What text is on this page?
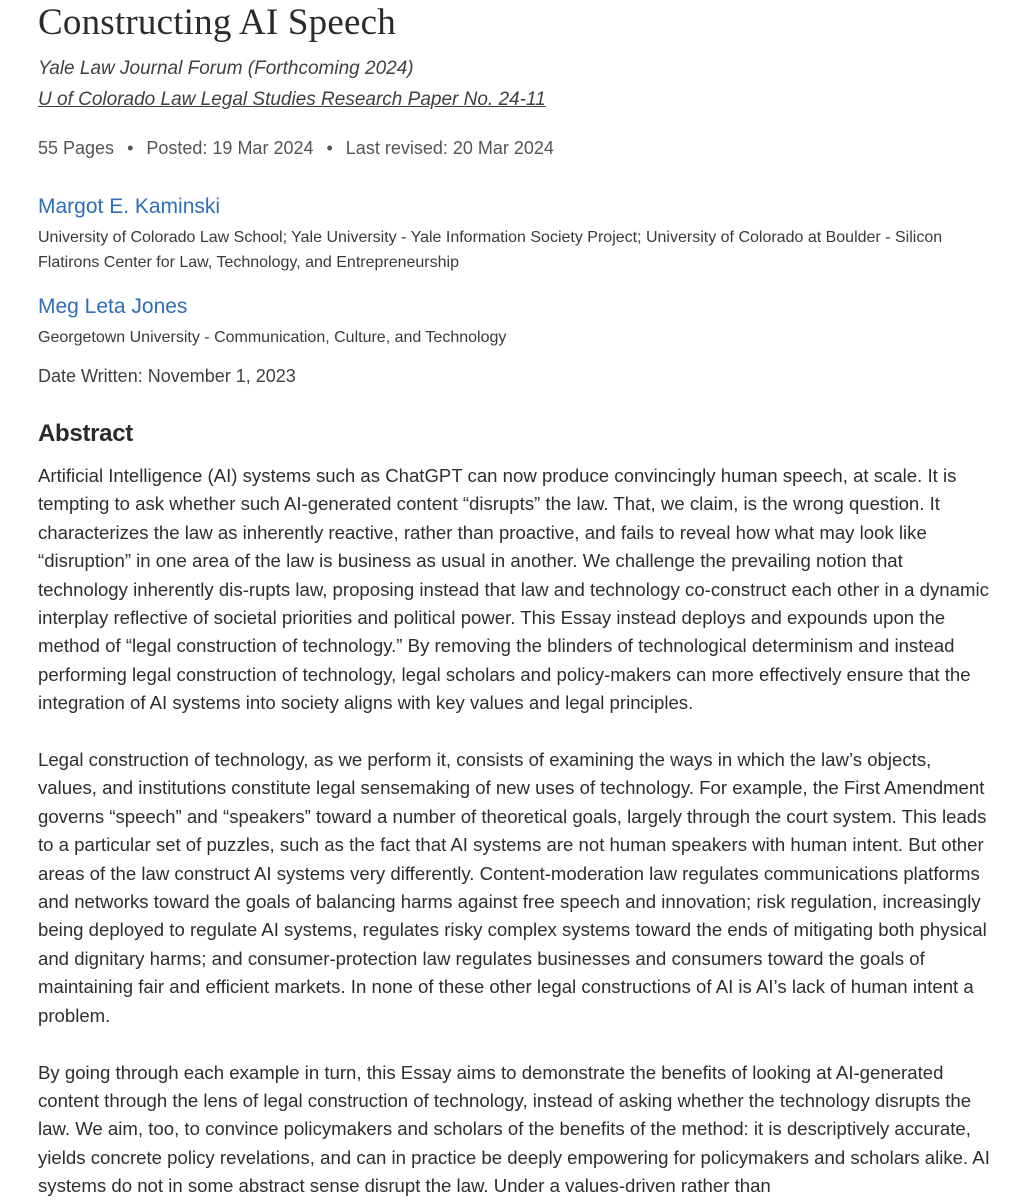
Constructing AI Speech
Yale Law Journal Forum (Forthcoming 2024)
U of Colorado Law Legal Studies Research Paper No. 24-11
55 Pages • Posted: 19 Mar 2024 • Last revised: 20 Mar 2024
Margot E. Kaminski
University of Colorado Law School; Yale University - Yale Information Society Project; University of Colorado at Boulder - Silicon Flatirons Center for Law, Technology, and Entrepreneurship
Meg Leta Jones
Georgetown University - Communication, Culture, and Technology
Date Written: November 1, 2023
Abstract

Artificial Intelligence (AI) systems such as ChatGPT can now produce convincingly human speech, at scale. It is tempting to ask whether such AI-generated content “disrupts” the law. That, we claim, is the wrong question. It characterizes the law as inherently reactive, rather than proactive, and fails to reveal how what may look like “disruption” in one area of the law is business as usual in another. We challenge the prevailing notion that technology inherently dis-rupts law, proposing instead that law and technology co-construct each other in a dynamic interplay reflective of societal priorities and political power. This Essay instead deploys and expounds upon the method of “legal construction of technology.” By removing the blinders of technological determinism and instead performing legal construction of technology, legal scholars and policy-makers can more effectively ensure that the integration of AI systems into society aligns with key values and legal principles.

Legal construction of technology, as we perform it, consists of examining the ways in which the law’s objects, values, and institutions constitute legal sensemaking of new uses of technology. For example, the First Amendment governs “speech” and “speakers” toward a number of theoretical goals, largely through the court system. This leads to a particular set of puzzles, such as the fact that AI systems are not human speakers with human intent. But other areas of the law construct AI systems very differently. Content-moderation law regulates communications platforms and networks toward the goals of balancing harms against free speech and innovation; risk regulation, increasingly being deployed to regulate AI systems, regulates risky complex systems toward the ends of mitigating both physical and dignitary harms; and consumer-protection law regulates businesses and consumers toward the goals of maintaining fair and efficient markets. In none of these other legal constructions of AI is AI’s lack of human intent a problem.

By going through each example in turn, this Essay aims to demonstrate the benefits of looking at AI-generated content through the lens of legal construction of technology, instead of asking whether the technology disrupts the law. We aim, too, to convince policymakers and scholars of the benefits of the method: it is descriptively accurate, yields concrete policy revelations, and can in practice be deeply empowering for policymakers and scholars alike. AI systems do not in some abstract sense disrupt the law. Under a values-driven rather than
